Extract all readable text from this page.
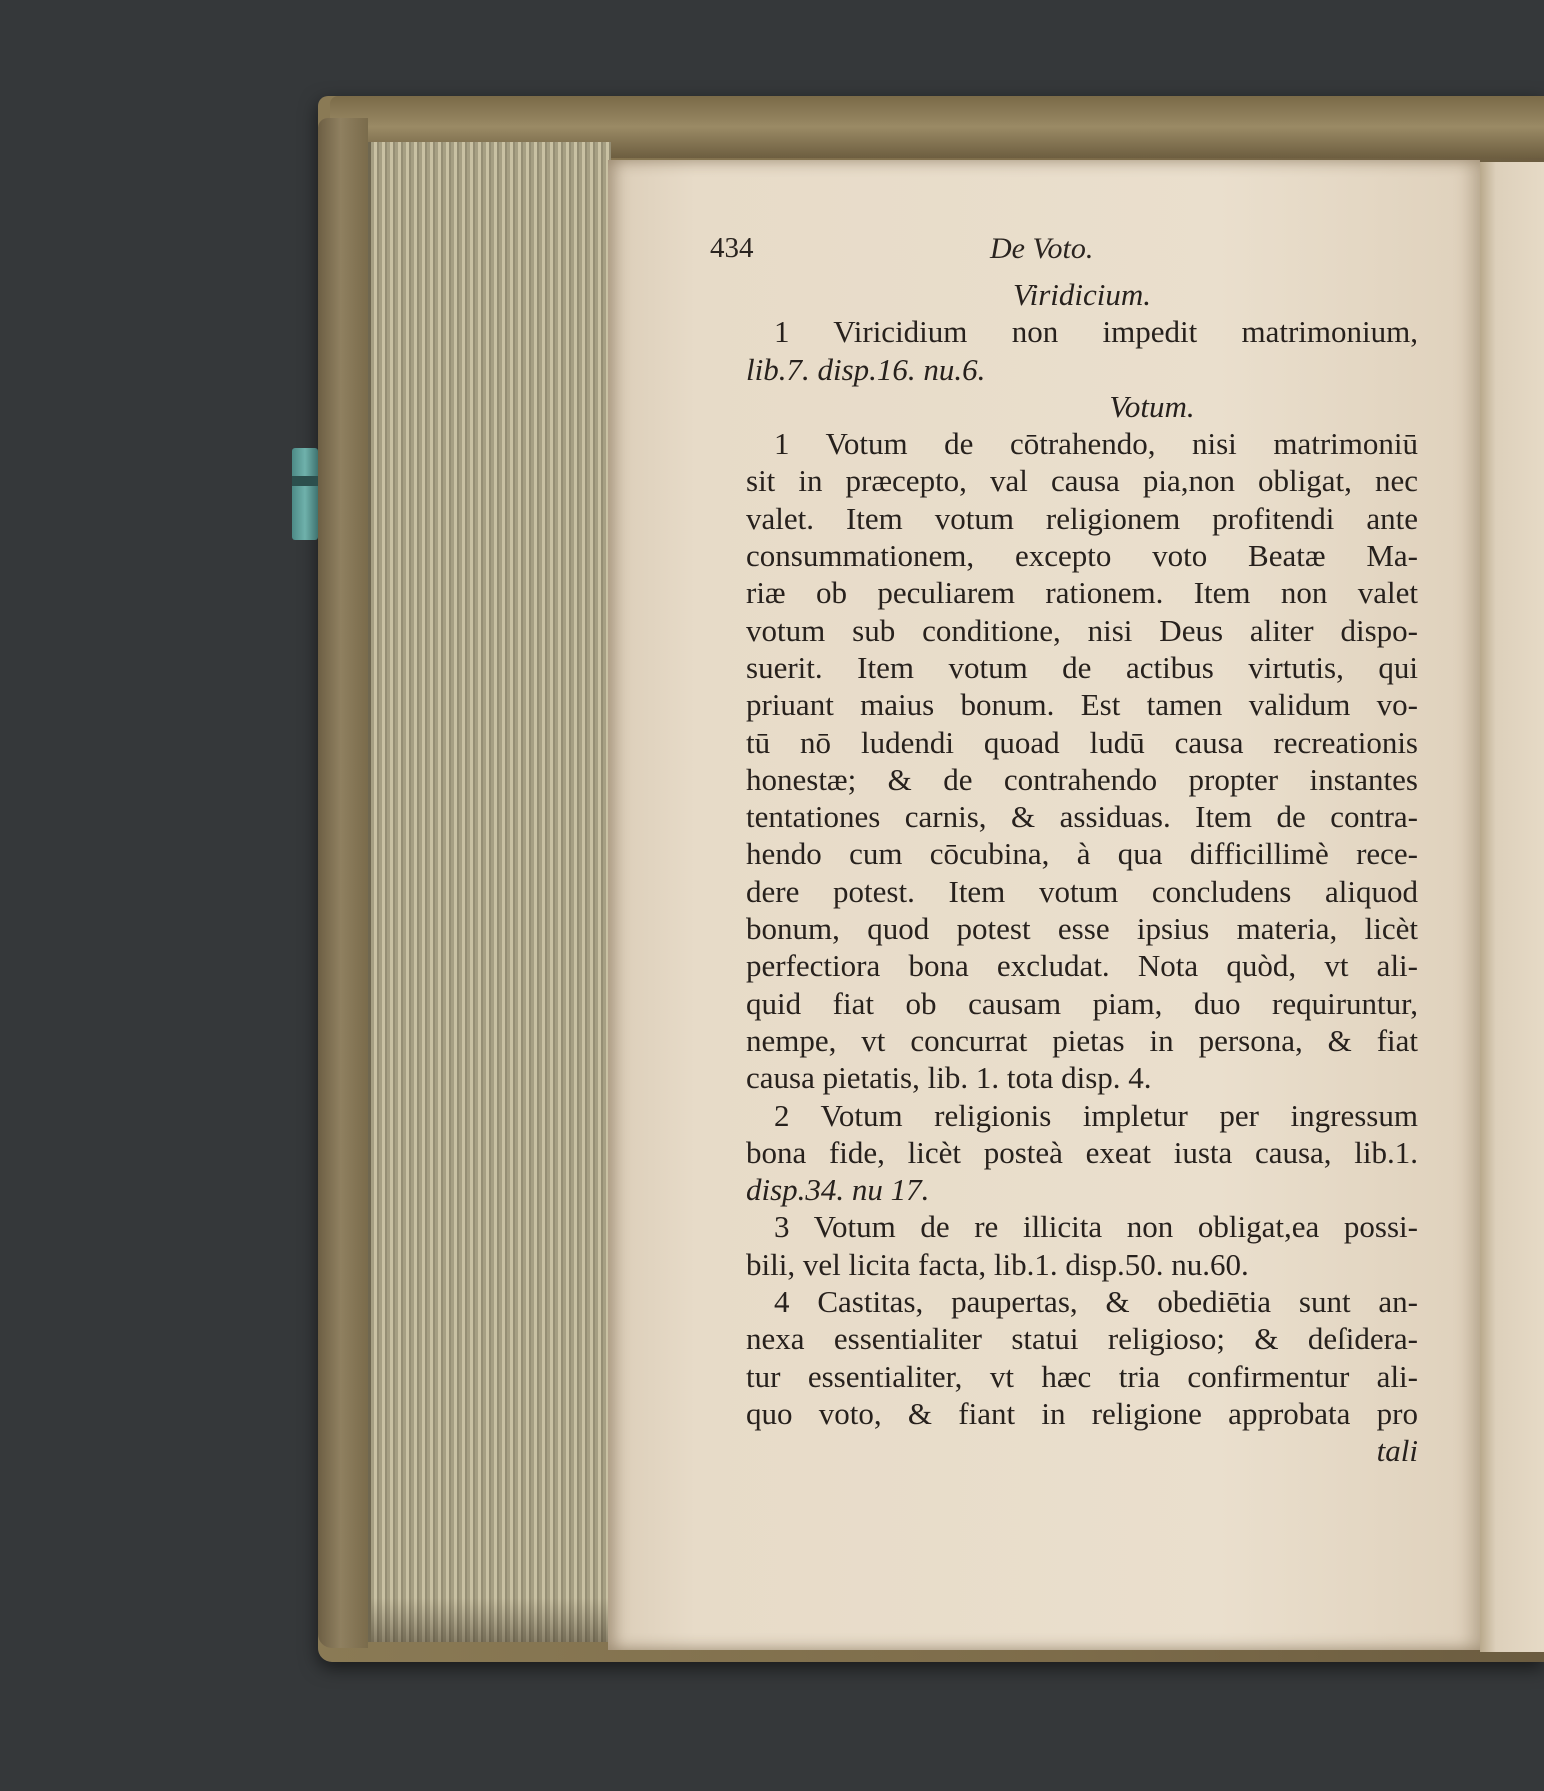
434	De Voto.
Viridicium.
1 Viricidium non impedit matrimonium,
lib.7. disp.16. nu.6.
Votum.
1 Votum de cōtrahendo, nisi matrimoniū
sit in præcepto, val causa pia,non obligat, nec
valet. Item votum religionem profitendi ante
consummationem, excepto voto Beatæ Ma-
riæ ob peculiarem rationem. Item non valet
votum sub conditione, nisi Deus aliter dispo-
suerit. Item votum de actibus virtutis, qui
priuant maius bonum. Est tamen validum vo-
tū nō ludendi quoad ludū causa recreationis
honestæ; & de contrahendo propter instantes
tentationes carnis, & assiduas. Item de contra-
hendo cum cōcubina, à qua difficillimè rece-
dere potest. Item votum concludens aliquod
bonum, quod potest esse ipsius materia, licèt
perfectiora bona excludat. Nota quòd, vt ali-
quid fiat ob causam piam, duo requiruntur,
nempe, vt concurrat pietas in persona, & fiat
causa pietatis, lib. 1. tota disp. 4.
2 Votum religionis impletur per ingressum
bona fide, licèt posteà exeat iusta causa, lib.1.
disp.34. nu 17.
3 Votum de re illicita non obligat,ea possi-
bili, vel licita facta, lib.1. disp.50. nu.60.
4 Castitas, paupertas, & obediētia sunt an-
nexa essentialiter statui religioso; & deſidera-
tur essentialiter, vt hæc tria confirmentur ali-
quo voto, & fiant in religione approbata pro
tali
